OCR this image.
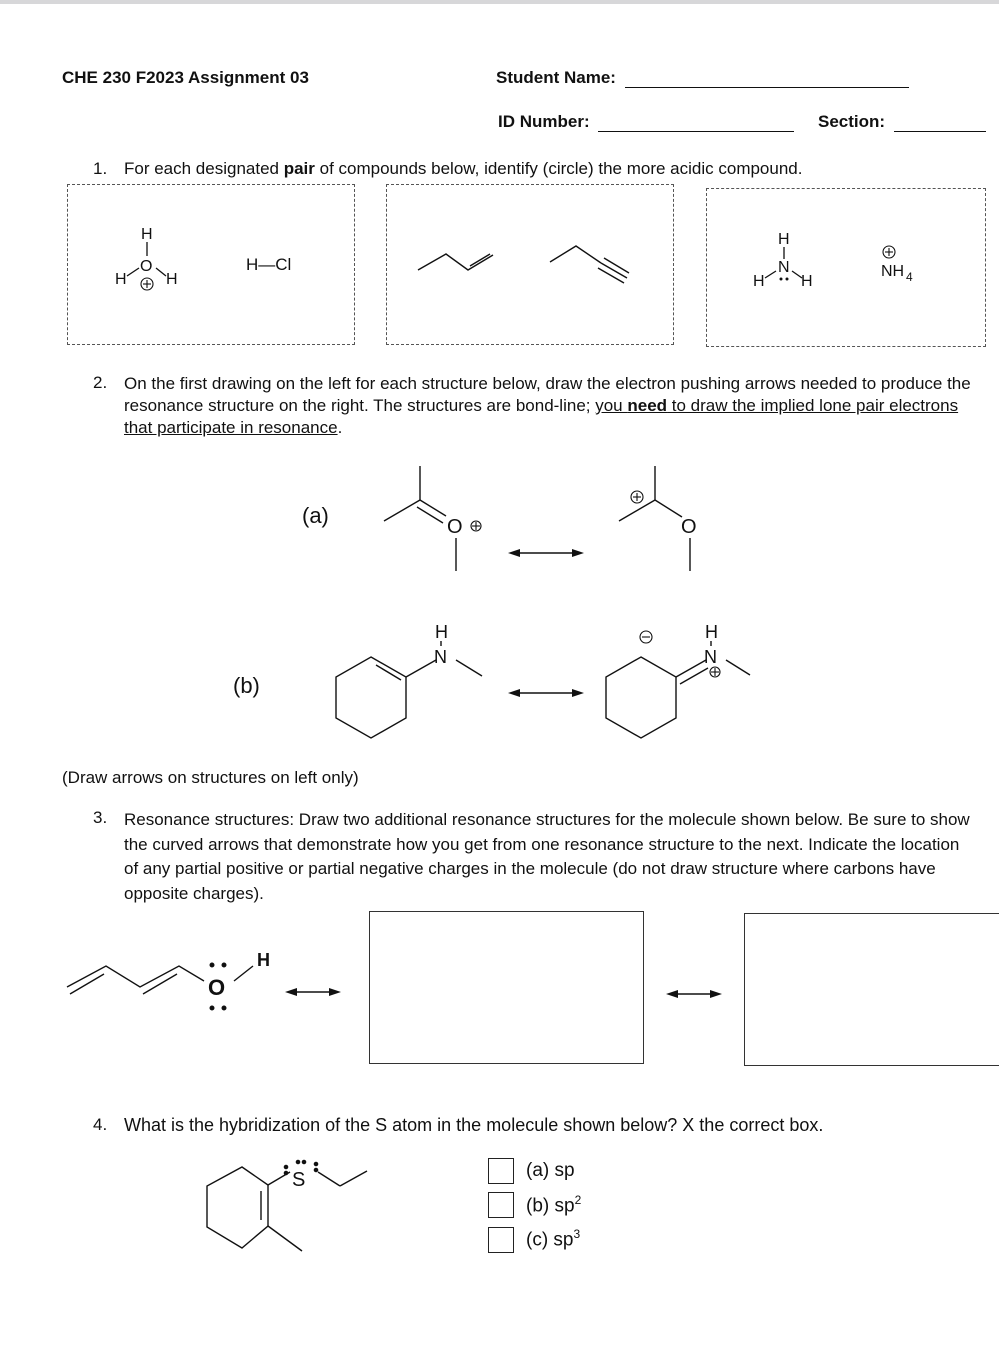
CHE 230 F2023 Assignment 03	Student Name:
ID Number:	Section:
1. For each designated pair of compounds below, identify (circle) the more acidic compound.
H
O
H H
H—Cl
H
N
H H
NH 4
2. On the first drawing on the left for each structure below, draw the electron pushing arrows needed to produce the resonance structure on the right. The structures are bond-line; you need to draw the implied lone pair electrons that participate in resonance.
(a)
(b)
O	O
H
N
H
N
(Draw arrows on structures on left only)
3. Resonance structures: Draw two additional resonance structures for the molecule shown below. Be sure to show the curved arrows that demonstrate how you get from one resonance structure to the next. Indicate the location of any partial positive or partial negative charges in the molecule (do not draw structure where carbons have opposite charges).
O
H
4. What is the hybridization of the S atom in the molecule shown below? X the correct box.
S	(a) sp
(b) $sp^2$
(c) $sp^3$
